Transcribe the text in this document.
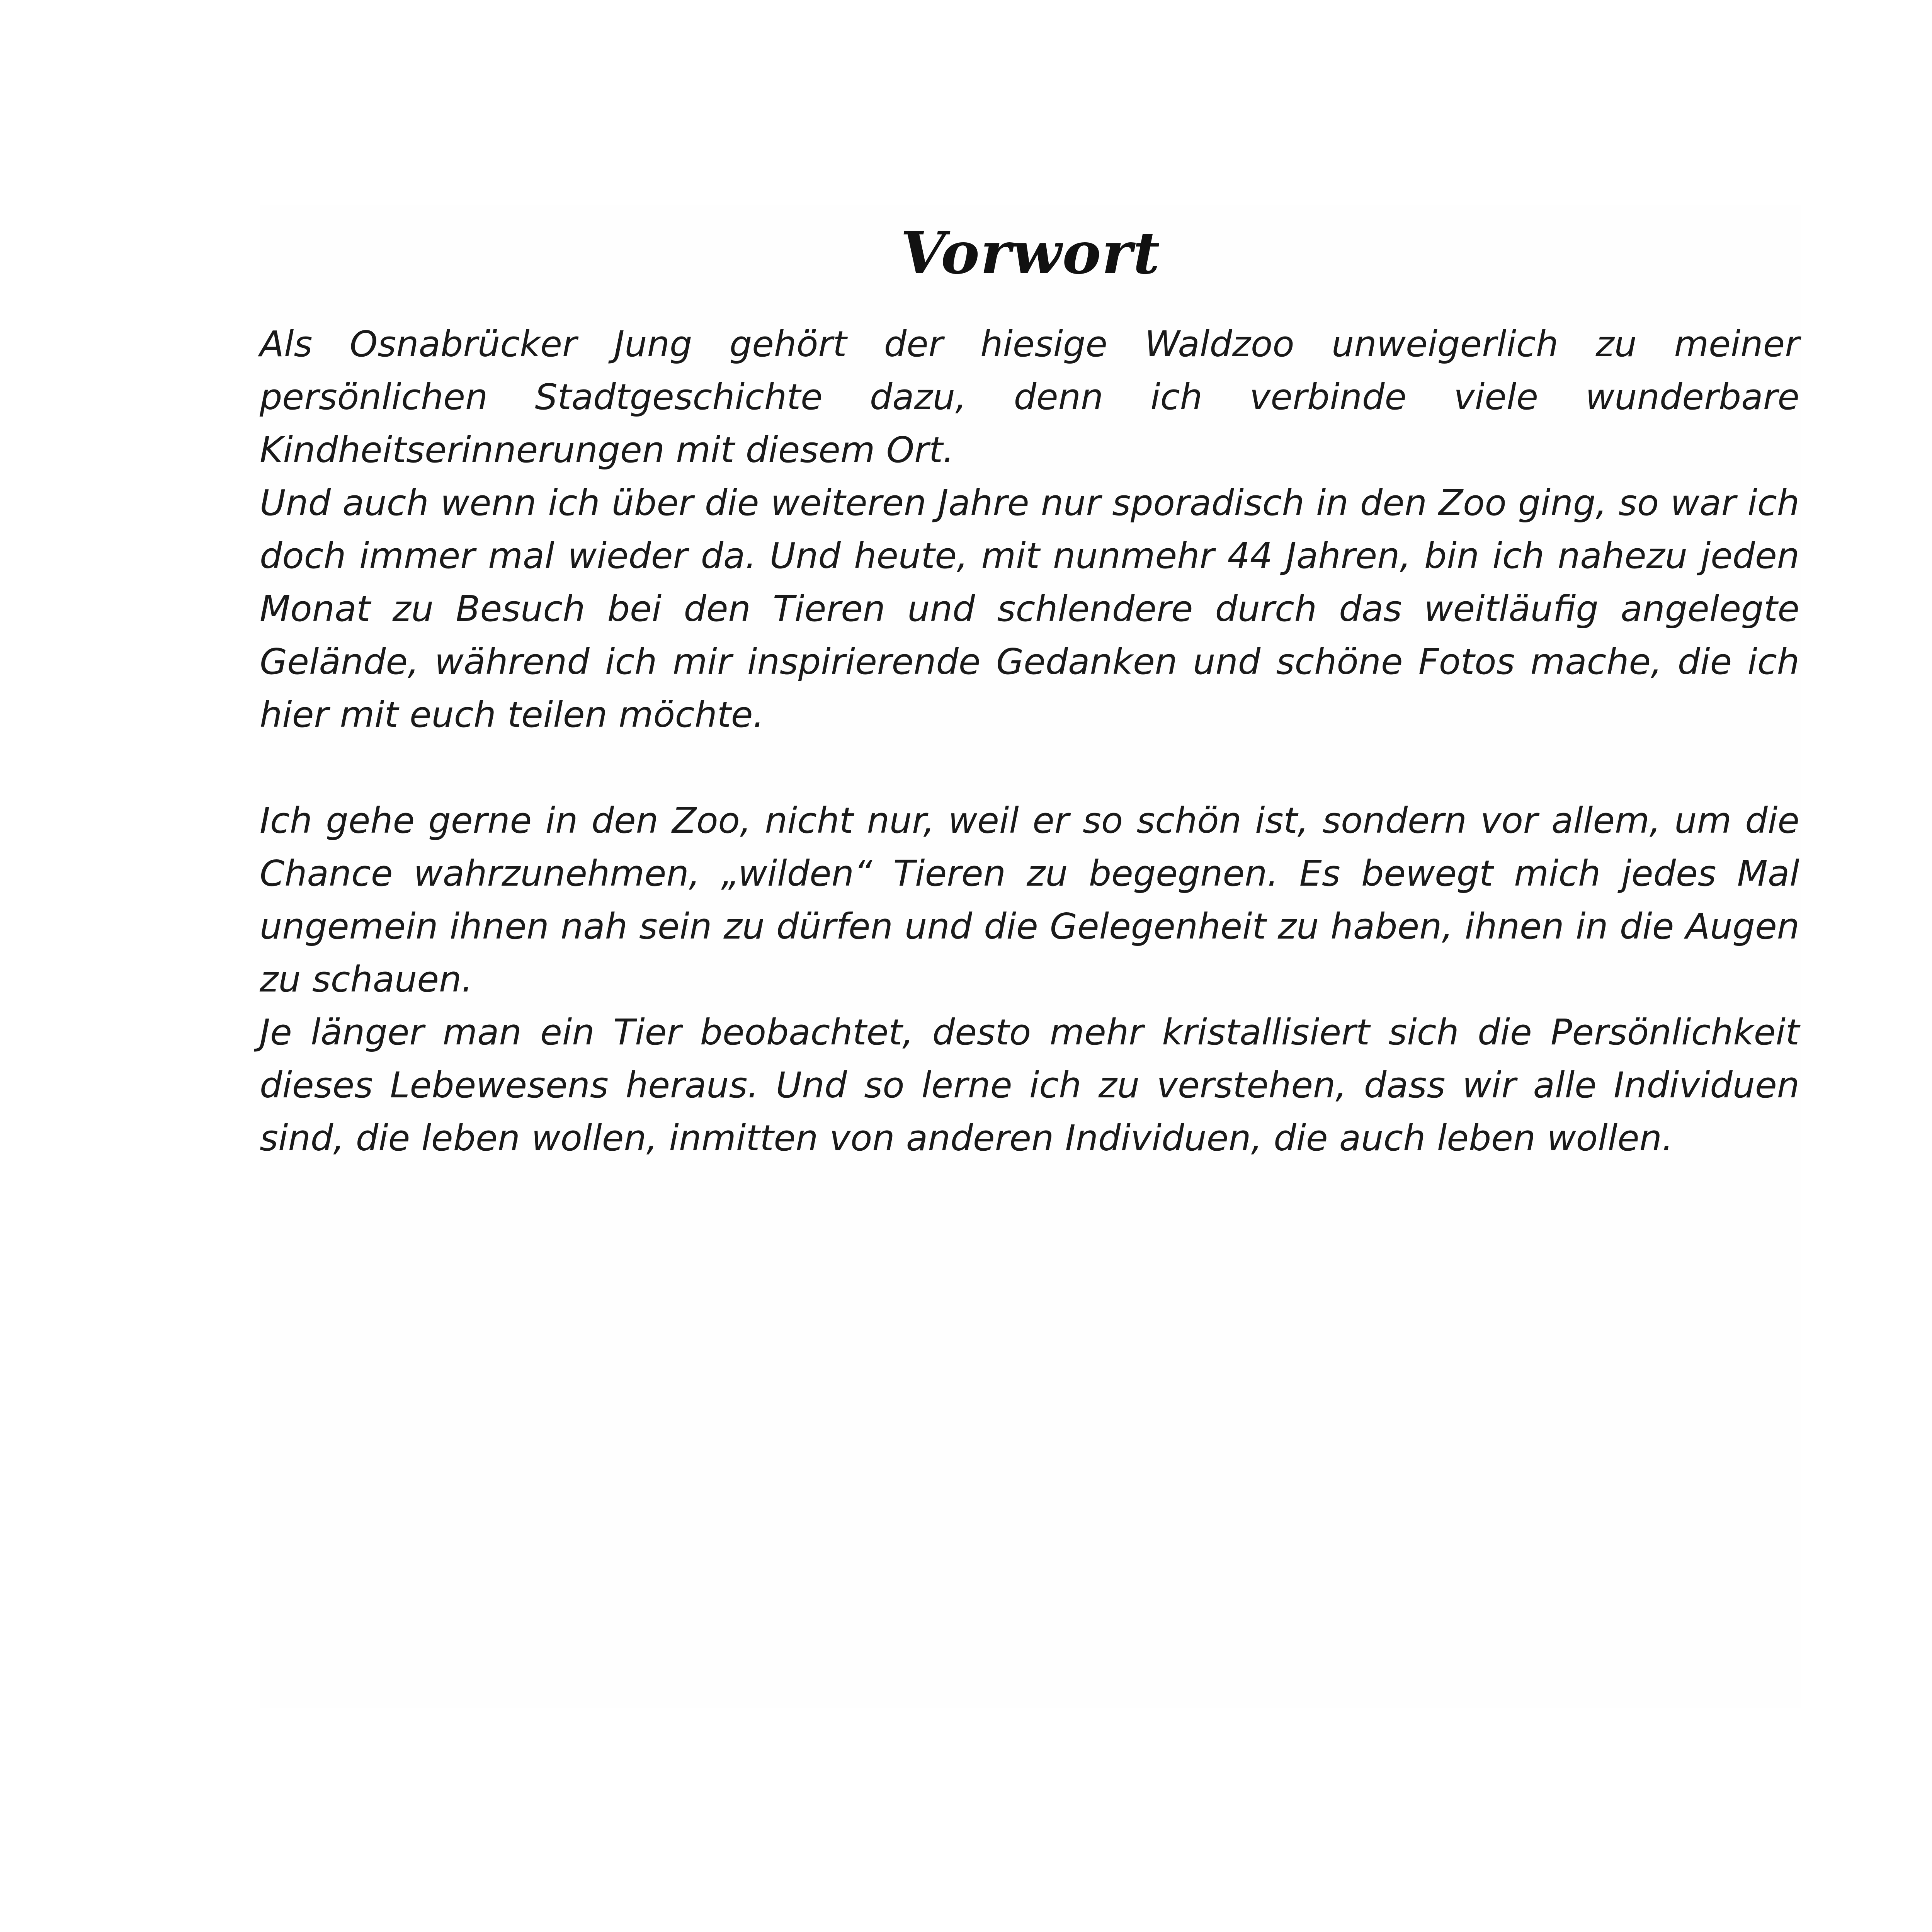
Vorwort

Als Osnabrücker Jung gehört der hiesige Waldzoo unweigerlich zu meiner persönlichen Stadtgeschichte dazu, denn ich verbinde viele wunderbare Kindheitserinnerungen mit diesem Ort.

Und auch wenn ich über die weiteren Jahre nur sporadisch in den Zoo ging, so war ich doch immer mal wieder da. Und heute, mit nunmehr 44 Jahren, bin ich nahezu jeden Monat zu Besuch bei den Tieren und schlendere durch das weitläufig angelegte Gelände, während ich mir inspirierende Gedanken und schöne Fotos mache, die ich hier mit euch teilen möchte.

Ich gehe gerne in den Zoo, nicht nur, weil er so schön ist, sondern vor allem, um die Chance wahrzunehmen, „wilden“ Tieren zu begegnen. Es bewegt mich jedes Mal ungemein ihnen nah sein zu dürfen und die Gelegenheit zu haben, ihnen in die Augen zu schauen.

Je länger man ein Tier beobachtet, desto mehr kristallisiert sich die Persönlichkeit dieses Lebewesens heraus. Und so lerne ich zu verstehen, dass wir alle Individuen sind, die leben wollen, inmitten von anderen Individuen, die auch leben wollen.
